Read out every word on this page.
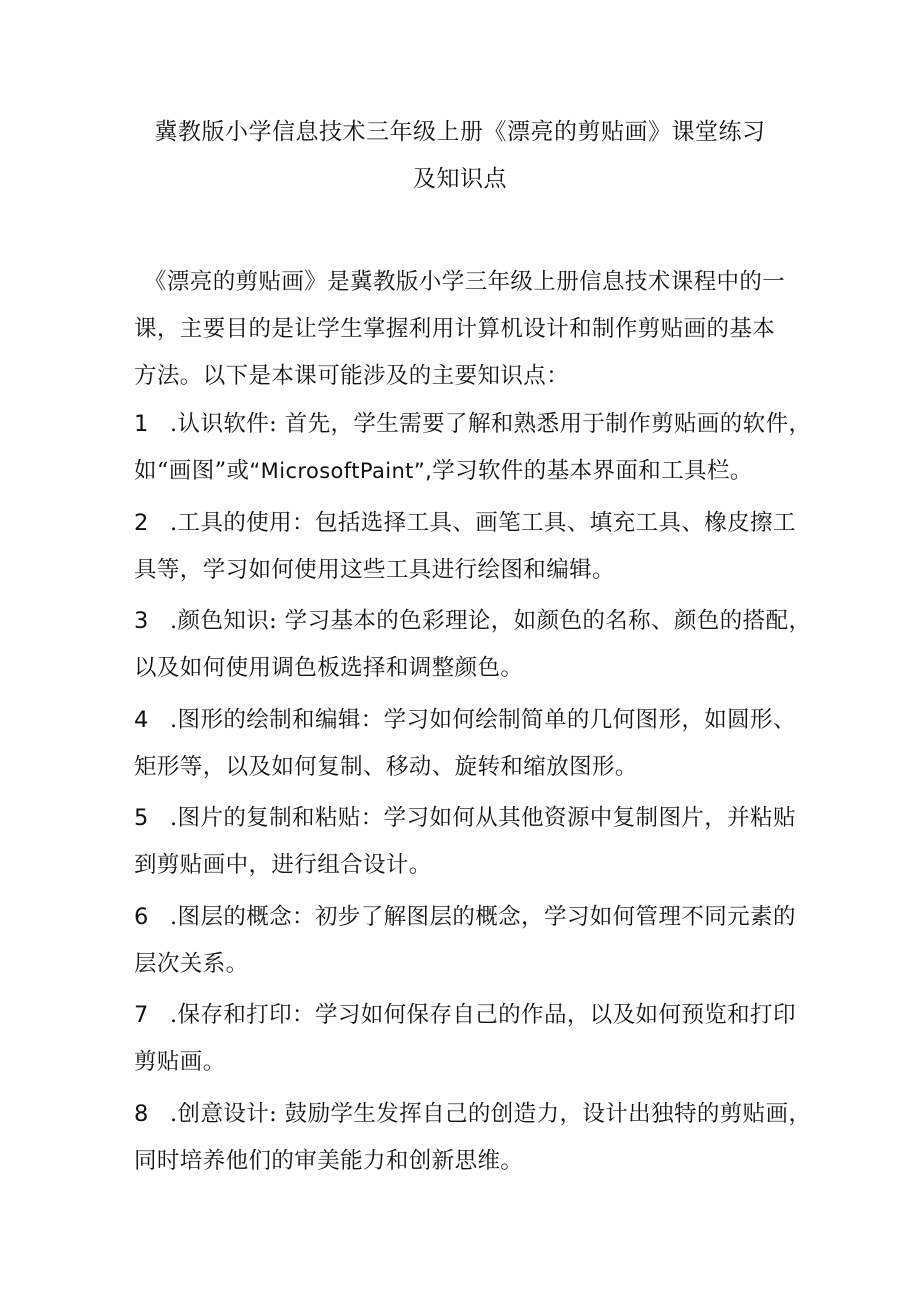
冀教版小学信息技术三年级上册《漂亮的剪贴画》课堂练习
及知识点
《漂亮的剪贴画》是冀教版小学三年级上册信息技术课程中的一
课，主要目的是让学生掌握利用计算机设计和制作剪贴画的基本
方法。以下是本课可能涉及的主要知识点：
1 .认识软件: 首先，学生需要了解和熟悉用于制作剪贴画的软件，
如“画图”或“MicrosoftPaint”,学习软件的基本界面和工具栏。
2 .工具的使用：包括选择工具、画笔工具、填充工具、橡皮擦工
具等，学习如何使用这些工具进行绘图和编辑。
3 .颜色知识: 学习基本的色彩理论，如颜色的名称、颜色的搭配，
以及如何使用调色板选择和调整颜色。
4 .图形的绘制和编辑：学习如何绘制简单的几何图形，如圆形、
矩形等，以及如何复制、移动、旋转和缩放图形。
5 .图片的复制和粘贴：学习如何从其他资源中复制图片，并粘贴
到剪贴画中，进行组合设计。
6 .图层的概念：初步了解图层的概念，学习如何管理不同元素的
层次关系。
7 .保存和打印：学习如何保存自己的作品，以及如何预览和打印
剪贴画。
8 .创意设计: 鼓励学生发挥自己的创造力，设计出独特的剪贴画，
同时培养他们的审美能力和创新思维。
